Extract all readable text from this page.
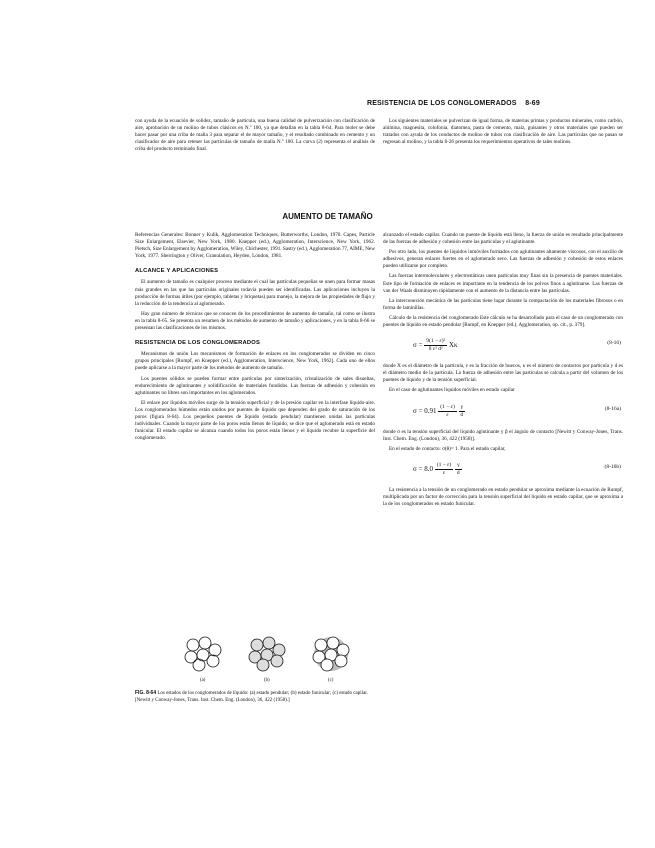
RESISTENCIA DE LOS CONGLOMERADOS 8-69

con ayuda de la ecuación de solidez, tamaño de partícula, una buena calidad de pulverización con clasificación de aire, aprobación de un molino de tubos clásicos en N.º 100, ya que detallan en la tabla 8-64. Para moler se debe hacer pasar por una criba de malla 3 para separar el de mayor tamaño, y el resultado combinado en cemento y un clasificador de aire para retener las partículas de tamaño de malla N.º 100. La curva (2) representa el análisis de criba del producto terminado final.

Los siguientes materiales se pulverizan de igual forma, de materias primas y productos minerales, como carbón, alúmina, magnesita, colofonia, diatomea, pasta de cemento, maíz, guisantes y otros materiales que pueden ser tratados con ayuda de los conductos de molino de tubos con clasificación de aire. Las partículas que no pasan se regresan al molino, y la tabla 8-26 presenta los requerimientos operativos de tales molinos.

AUMENTO DE TAMAÑO

Referencias Generales: Bonner y Kulik, Agglomeration Techniques, Butterworths, London, 1970. Capes, Particle Size Enlargement, Elsevier, New York, 1980. Knepper (ed.), Agglomeration, Interscience, New York, 1962. Pietsch, Size Enlargement by Agglomeration, Wiley, Chichester, 1991. Sastry (ed.), Agglomeration 77, AIME, New York, 1977. Sherrington y Oliver, Granulation, Heyden, London, 1981.

ALCANCE Y APLICACIONES

El aumento de tamaño es cualquier proceso mediante el cual las partículas pequeñas se unen para formar masas más grandes en las que las partículas originales todavía pueden ser identificadas. Las aplicaciones incluyen la producción de formas útiles (por ejemplo, tabletas y briquetas) para manejo, la mejora de las propiedades de flujo y la reducción de la tendencia al aglomerado.

Hay gran número de técnicas que se conocen de los procedimientos de aumento de tamaño, tal como se ilustra en la tabla 8-65. Se presenta un resumen de los métodos de aumento de tamaño y aplicaciones, y en la tabla 8-66 se presentan las clasificaciones de los mismos.

RESISTENCIA DE LOS CONGLOMERADOS

Mecanismos de unión Los mecanismos de formación de enlaces en los conglomerados se dividen en cinco grupos principales [Rumpf, en Knepper (ed.), Agglomeration, Interscience, New York, 1962]. Cada uno de ellos puede aplicarse a la mayor parte de los métodos de aumento de tamaño.

Los puentes sólidos se pueden formar entre partículas por sinterización, cristalización de sales disueltas, endurecimiento de aglutinantes y solidificación de materiales fundidos. Las fuerzas de adhesión y cohesión en aglutinantes no libres son importantes en los aglomerados.

El enlace por líquidos móviles surge de la tensión superficial y de la presión capilar en la interfase líquido-aire. Los conglomerados húmedos están unidos por puentes de líquido que dependen del grado de saturación de los poros (figura 8-64). Los pequeños puentes de líquido (estado pendular) mantienen unidas las partículas individuales. Cuando la mayor parte de los poros están llenos de líquido, se dice que el aglomerado está en estado funicular. El estado capilar se alcanza cuando todos los poros están llenos y el líquido recubre la superficie del conglomerado.

(a)	(b)	(c)
FIG. 8-64 Los estados de los conglomerados de líquido: (a) estado pendular; (b) estado funicular; (c) estado capilar. [Newitt y Conway-Jones, Trans. Inst. Chem. Eng. (London), 36, 422 (1958).]

alcanzado el estado capilar. Cuando un puente de líquido está lleno, la fuerza de unión es resultado principalmente de las fuerzas de adhesión y cohesión entre las partículas y el aglutinante.

Por otro lado, los puentes de líquidos inmóviles formados con aglutinantes altamente viscosos, con el auxilio de adhesivos, generan enlaces fuertes en el aglomerado seco. Las fuerzas de adhesión y cohesión de estos enlaces pueden utilizarse por completo.

Las fuerzas intermoleculares y electrostáticas unen partículas muy finas sin la presencia de puentes materiales. Este tipo de formación de enlaces es importante en la tendencia de los polvos finos a aglutinarse. Las fuerzas de van der Waals disminuyen rápidamente con el aumento de la distancia entre las partículas.

La interconexión mecánica de las partículas tiene lugar durante la compactación de los materiales fibrosos o en forma de laminillas.

Cálculo de la resistencia del conglomerado Este cálculo se ha desarrollado para el caso de un conglomerado con puentes de líquido en estado pendular [Rumpf, en Knepper (ed.), Agglomeration, op. cit., p. 379].

$\sigma = \frac{\text{9(1 − ε)²}}{\text{8 ε² d²}}$ Xκ	(8-16)

donde X es el diámetro de la partícula, ε es la fracción de huecos, κ es el número de contactos por partícula y d es el diámetro medio de la partícula. La fuerza de adhesión entre las partículas se calcula a partir del volumen de los puentes de líquido y de la tensión superficial.

En el caso de aglutinantes líquidos móviles en estado capilar

$\sigma = 0.91 \frac{(1 - \varepsilon)}{\varepsilon}$
$\frac{\gamma}{d}$	(8-16a)

donde σ es la tensión superficial del líquido aglutinante y β el ángulo de contacto [Newitt y Conway-Jones, Trans. Inst. Chem. Eng. (London), 36, 422 (1958)].

En el estado de contacto: σ(θ)= 1. Para el estado capilar,

$\sigma = 8.0 \frac{(1 - \varepsilon)}{\varepsilon}$
$\frac{\gamma}{d}$	(8-16b)

La resistencia a la tensión de un conglomerado en estado pendular se aproxima mediante la ecuación de Rumpf, multiplicada por un factor de corrección para la tensión superficial del líquido en estado capilar, que se aproxima a la de los conglomerados en estado funicular.
